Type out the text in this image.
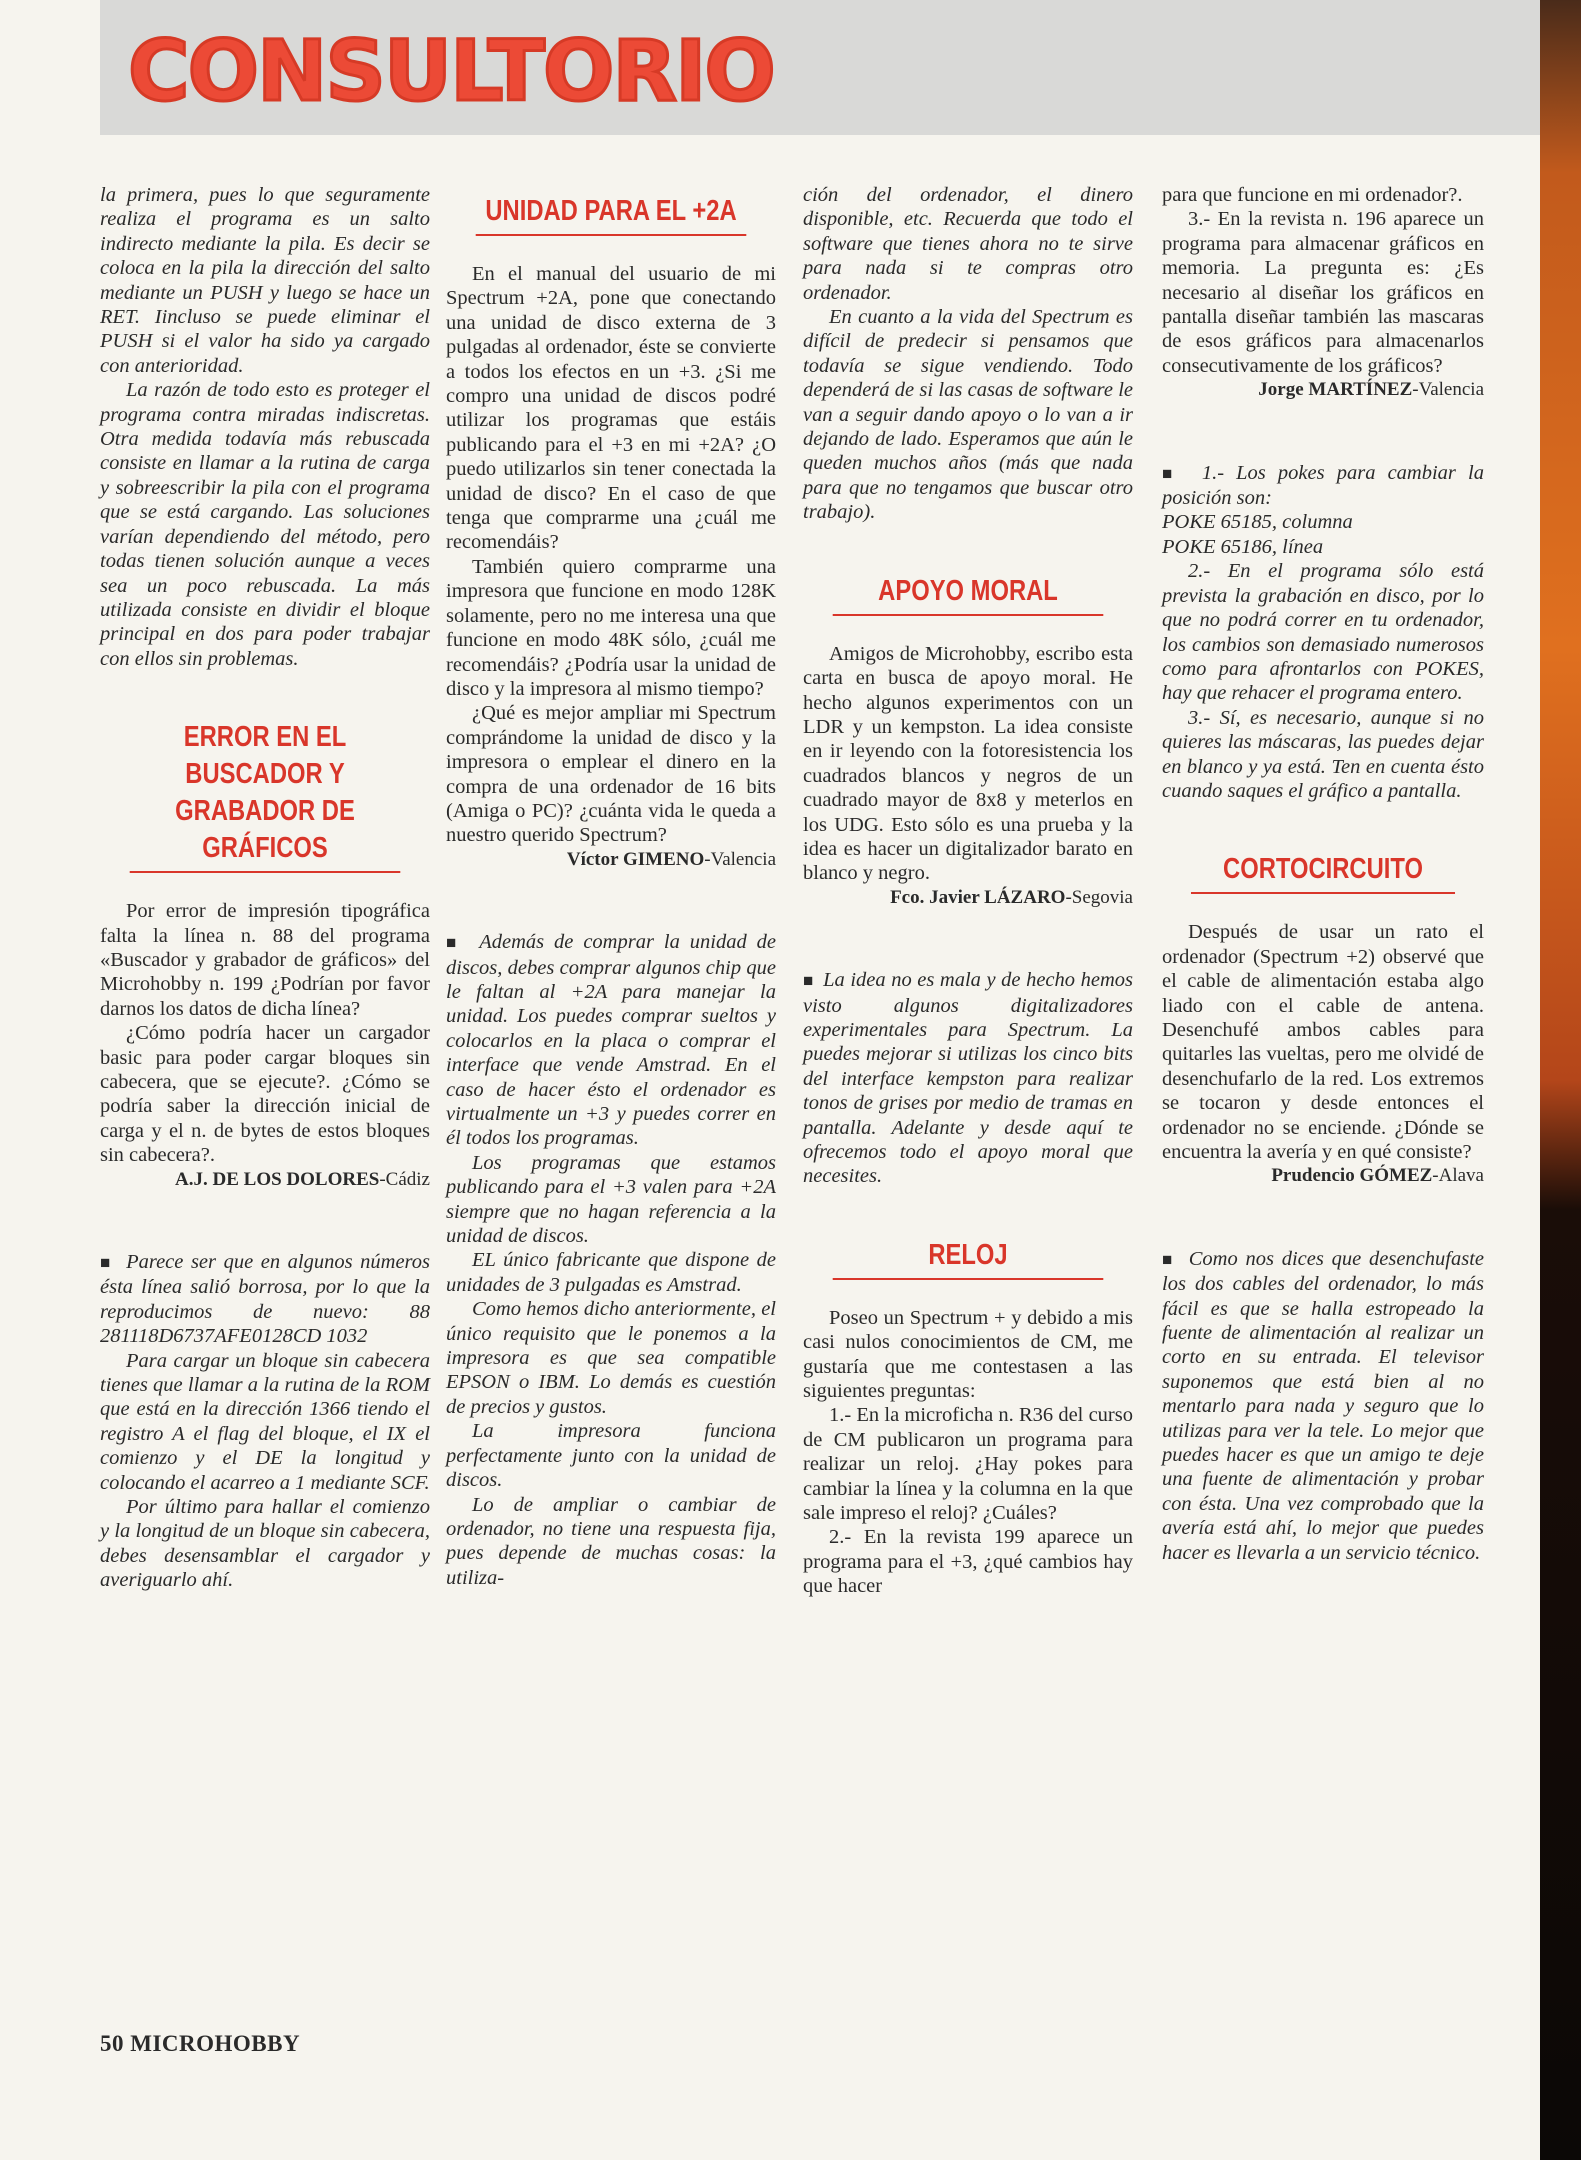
CONSULTORIO
la primera, pues lo que seguramente realiza el programa es un salto indirecto mediante la pila. Es decir se coloca en la pila la dirección del salto mediante un PUSH y luego se hace un RET. Iincluso se puede eliminar el PUSH si el valor ha sido ya cargado con anterioridad.
La razón de todo esto es proteger el programa contra miradas indiscretas. Otra medida todavía más rebuscada consiste en llamar a la rutina de carga y sobreescribir la pila con el programa que se está cargando. Las soluciones varían dependiendo del método, pero todas tienen solución aunque a veces sea un poco rebuscada. La más utilizada consiste en dividir el bloque principal en dos para poder trabajar con ellos sin problemas.
ERROR EN EL BUSCADOR Y GRABADOR DE GRÁFICOS
Por error de impresión tipográfica falta la línea n. 88 del programa «Buscador y grabador de gráficos» del Microhobby n. 199 ¿Podrían por favor darnos los datos de dicha línea?
¿Cómo podría hacer un cargador basic para poder cargar bloques sin cabecera, que se ejecute?. ¿Cómo se podría saber la dirección inicial de carga y el n. de bytes de estos bloques sin cabecera?.
A.J. DE LOS DOLORES-Cádiz
■  Parece ser que en algunos números ésta línea salió borrosa, por lo que la reproducimos de nuevo: 88 281118D6737AFE0128CD 1032
Para cargar un bloque sin cabecera tienes que llamar a la rutina de la ROM que está en la dirección 1366 tiendo el registro A el flag del bloque, el IX el comienzo y el DE la longitud y colocando el acarreo a 1 mediante SCF.
Por último para hallar el comienzo y la longitud de un bloque sin cabecera, debes desensamblar el cargador y averiguarlo ahí.
UNIDAD PARA EL +2A
En el manual del usuario de mi Spectrum +2A, pone que conectando una unidad de disco externa de 3 pulgadas al ordenador, éste se convierte a todos los efectos en un +3. ¿Si me compro una unidad de discos podré utilizar los programas que estáis publicando para el +3 en mi +2A? ¿O puedo utilizarlos sin tener conectada la unidad de disco? En el caso de que tenga que comprarme una ¿cuál me recomendáis?
También quiero comprarme una impresora que funcione en modo 128K solamente, pero no me interesa una que funcione en modo 48K sólo, ¿cuál me recomendáis? ¿Podría usar la unidad de disco y la impresora al mismo tiempo?
¿Qué es mejor ampliar mi Spectrum comprándome la unidad de disco y la impresora o emplear el dinero en la compra de una ordenador de 16 bits (Amiga o PC)? ¿cuánta vida le queda a nuestro querido Spectrum?
Víctor GIMENO-Valencia
■  Además de comprar la unidad de discos, debes comprar algunos chip que le faltan al +2A para manejar la unidad. Los puedes comprar sueltos y colocarlos en la placa o comprar el interface que vende Amstrad. En el caso de hacer ésto el ordenador es virtualmente un +3 y puedes correr en él todos los programas.
Los programas que estamos publicando para el +3 valen para +2A siempre que no hagan referencia a la unidad de discos.
EL único fabricante que dispone de unidades de 3 pulgadas es Amstrad.
Como hemos dicho anteriormente, el único requisito que le ponemos a la impresora es que sea compatible EPSON o IBM. Lo demás es cuestión de precios y gustos.
La impresora funciona perfectamente junto con la unidad de discos.
Lo de ampliar o cambiar de ordenador, no tiene una respuesta fija, pues depende de muchas cosas: la utiliza-
ción del ordenador, el dinero disponible, etc. Recuerda que todo el software que tienes ahora no te sirve para nada si te compras otro ordenador.
En cuanto a la vida del Spectrum es difícil de predecir si pensamos que todavía se sigue vendiendo. Todo dependerá de si las casas de software le van a seguir dando apoyo o lo van a ir dejando de lado. Esperamos que aún le queden muchos años (más que nada para que no tengamos que buscar otro trabajo).
APOYO MORAL
Amigos de Microhobby, escribo esta carta en busca de apoyo moral. He hecho algunos experimentos con un LDR y un kempston. La idea consiste en ir leyendo con la fotoresistencia los cuadrados blancos y negros de un cuadrado mayor de 8x8 y meterlos en los UDG. Esto sólo es una prueba y la idea es hacer un digitalizador barato en blanco y negro.
Fco. Javier LÁZARO-Segovia
■  La idea no es mala y de hecho hemos visto algunos digitalizadores experimentales para Spectrum. La puedes mejorar si utilizas los cinco bits del interface kempston para realizar tonos de grises por medio de tramas en pantalla. Adelante y desde aquí te ofrecemos todo el apoyo moral que necesites.
RELOJ
Poseo un Spectrum + y debido a mis casi nulos conocimientos de CM, me gustaría que me contestasen a las siguientes preguntas:
1.- En la microficha n. R36 del curso de CM publicaron un programa para realizar un reloj. ¿Hay pokes para cambiar la línea y la columna en la que sale impreso el reloj? ¿Cuáles?
2.- En la revista 199 aparece un programa para el +3, ¿qué cambios hay que hacer
para que funcione en mi ordenador?.
3.- En la revista n. 196 aparece un programa para almacenar gráficos en memoria. La pregunta es: ¿Es necesario al diseñar los gráficos en pantalla diseñar también las mascaras de esos gráficos para almacenarlos consecutivamente de los gráficos?
Jorge MARTÍNEZ-Valencia
■  1.- Los pokes para cambiar la posición son:
POKE 65185, columna
POKE 65186, línea
2.- En el programa sólo está prevista la grabación en disco, por lo que no podrá correr en tu ordenador, los cambios son demasiado numerosos como para afrontarlos con POKES, hay que rehacer el programa entero.
3.- Sí, es necesario, aunque si no quieres las máscaras, las puedes dejar en blanco y ya está. Ten en cuenta ésto cuando saques el gráfico a pantalla.
CORTOCIRCUITO
Después de usar un rato el ordenador (Spectrum +2) observé que el cable de alimentación estaba algo liado con el cable de antena. Desenchufé ambos cables para quitarles las vueltas, pero me olvidé de desenchufarlo de la red. Los extremos se tocaron y desde entonces el ordenador no se enciende. ¿Dónde se encuentra la avería y en qué consiste?
Prudencio GÓMEZ-Alava
■  Como nos dices que desenchufaste los dos cables del ordenador, lo más fácil es que se halla estropeado la fuente de alimentación al realizar un corto en su entrada. El televisor suponemos que está bien al no mentarlo para nada y seguro que lo utilizas para ver la tele. Lo mejor que puedes hacer es que un amigo te deje una fuente de alimentación y probar con ésta. Una vez comprobado que la avería está ahí, lo mejor que puedes hacer es llevarla a un servicio técnico.
50 MICROHOBBY
